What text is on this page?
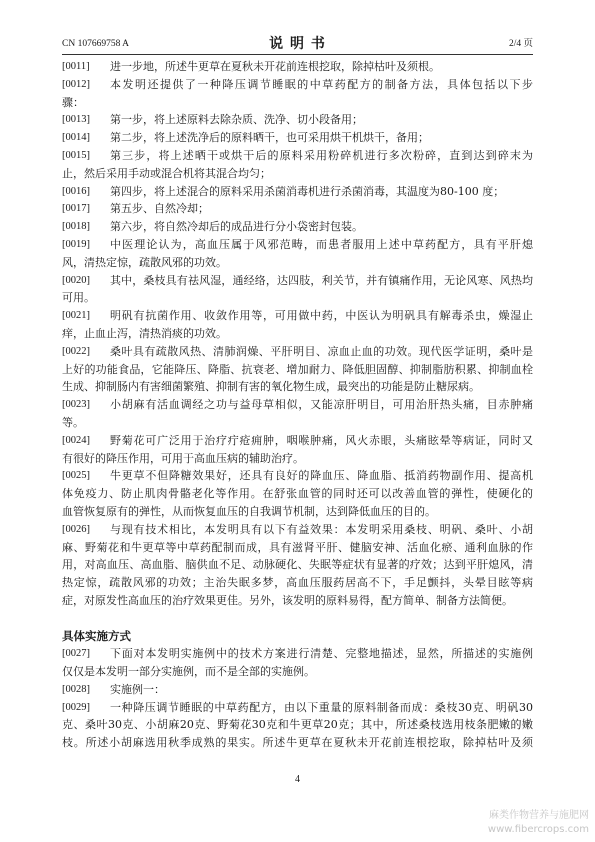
CN 107669758 A	说 明 书	2/4 页
[0011] 进一步地，所述牛更草在夏秋未开花前连根挖取，除掉枯叶及须根。
[0012] 本发明还提供了一种降压调节睡眠的中草药配方的制备方法，具体包括以下步
骤：
[0013] 第一步，将上述原料去除杂质、洗净、切小段备用；
[0014] 第二步，将上述洗净后的原料晒干，也可采用烘干机烘干，备用；
[0015] 第三步，将上述晒干或烘干后的原料采用粉碎机进行多次粉碎，直到达到碎末为
止，然后采用手动或混合机将其混合均匀；
[0016] 第四步，将上述混合的原料采用杀菌消毒机进行杀菌消毒，其温度为80-100 度；
[0017] 第五步、自然冷却；
[0018] 第六步，将自然冷却后的成品进行分小袋密封包装。
[0019] 中医理论认为，高血压属于风邪范畴，而患者服用上述中草药配方，具有平肝熄
风，清热定惊，疏散风邪的功效。
[0020] 其中，桑枝具有祛风湿，通经络，达四肢，利关节，并有镇痛作用，无论风寒、风热均
可用。
[0021] 明矾有抗菌作用、收敛作用等，可用做中药，中医认为明矾具有解毒杀虫，燥湿止
痒，止血止泻，清热消痰的功效。
[0022] 桑叶具有疏散风热、清肺润燥、平肝明目、凉血止血的功效。现代医学证明，桑叶是
上好的功能食品，它能降压、降脂、抗衰老、增加耐力、降低胆固醇、抑制脂肪积累、抑制血栓
生成、抑制肠内有害细菌繁殖、抑制有害的氧化物生成，最突出的功能是防止糖尿病。
[0023] 小胡麻有活血调经之功与益母草相似，又能凉肝明目，可用治肝热头痛，目赤肿痛
等。
[0024] 野菊花可广泛用于治疗疔疮痈肿，咽喉肿痛，风火赤眼，头痛眩晕等病证，同时又
有很好的降压作用，可用于高血压病的辅助治疗。
[0025] 牛更草不但降糖效果好，还具有良好的降血压、降血脂、抵消药物副作用、提高机
体免疫力、防止肌肉骨骼老化等作用。在舒张血管的同时还可以改善血管的弹性，使硬化的
血管恢复原有的弹性，从而恢复血压的自我调节机制，达到降低血压的目的。
[0026] 与现有技术相比，本发明具有以下有益效果：本发明采用桑枝、明矾、桑叶、小胡
麻、野菊花和牛更草等中草药配制而成，具有滋肾平肝、健脑安神、活血化瘀、通利血脉的作
用，对高血压、高血脂、脑供血不足、动脉硬化、失眠等症状有显著的疗效；达到平肝熄风，清
热定惊，疏散风邪的功效；主治失眠多梦，高血压服药居高不下，手足颤抖，头晕目眩等病
症，对原发性高血压的治疗效果更佳。另外，该发明的原料易得，配方简单、制备方法简便。
具体实施方式
[0027] 下面对本发明实施例中的技术方案进行清楚、完整地描述，显然，所描述的实施例
仅仅是本发明一部分实施例，而不是全部的实施例。
[0028] 实施例一：
[0029] 一种降压调节睡眠的中草药配方，由以下重量的原料制备而成：桑枝30克、明矾30
克、桑叶30克、小胡麻20克、野菊花30克和牛更草20克；其中，所述桑枝选用枝条肥嫩的嫩
枝。所述小胡麻选用秋季成熟的果实。所述牛更草在夏秋未开花前连根挖取，除掉枯叶及须
4
麻类作物营养与施肥网
www.fibercrops.com
